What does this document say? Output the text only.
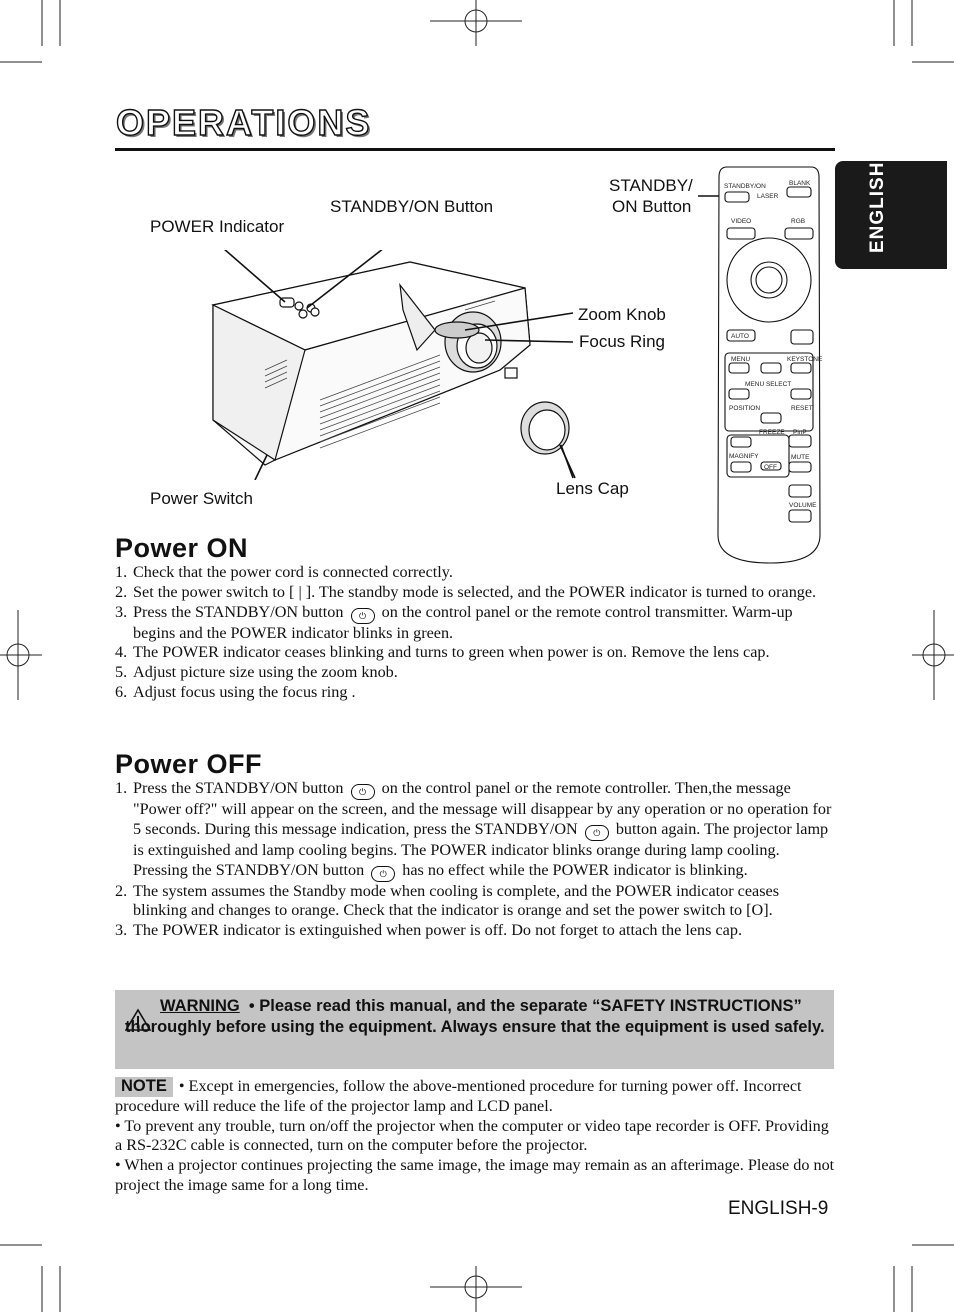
OPERATIONS
ENGLISH
POWER Indicator
STANDBY/ON Button
STANDBY/
ON Button
Zoom Knob
Focus Ring
Power Switch
Lens Cap
STANDBY/ON
LASER
BLANK
VIDEO	RGB
AUTO
MENU	KEYSTONE
MENU SELECT
POSITION	RESET
FREEZE PinP
MAGNIFY
OFF
MUTE
VOLUME
Power ON
1. Check that the power cord is connected correctly.
2. Set the power switch to [ | ]. The standby mode is selected, and the POWER indicator is turned to orange.
3. Press the STANDBY/ON button ⏻ on the control panel or the remote control transmitter. Warm-up begins and the POWER indicator blinks in green.
4. The POWER indicator ceases blinking and turns to green when power is on. Remove the lens cap.
5. Adjust picture size using the zoom knob.
6. Adjust focus using the focus ring .
Power OFF
1. Press the STANDBY/ON button ⏻ on the control panel or the remote controller. Then,the message "Power off?" will appear on the screen, and the message will disappear by any operation or no operation for 5 seconds. During this message indication, press the STANDBY/ON ⏻ button again. The projector lamp is extinguished and lamp cooling begins. The POWER indicator blinks orange during lamp cooling. Pressing the STANDBY/ON button ⏻ has no effect while the POWER indicator is blinking.
2. The system assumes the Standby mode when cooling is complete, and the POWER indicator ceases blinking and changes to orange. Check that the indicator is orange and set the power switch to [O].
3. The POWER indicator is extinguished when power is off. Do not forget to attach the lens cap.
WARNING • Please read this manual, and the separate “SAFETY INSTRUCTIONS” thoroughly before using the equipment. Always ensure that the equipment is used safely.
NOTE • Except in emergencies, follow the above-mentioned procedure for turning power off. Incorrect procedure will reduce the life of the projector lamp and LCD panel.
• To prevent any trouble, turn on/off the projector when the computer or video tape recorder is OFF. Providing a RS-232C cable is connected, turn on the computer before the projector.
• When a projector continues projecting the same image, the image may remain as an afterimage. Please do not project the image same for a long time.
ENGLISH-9
